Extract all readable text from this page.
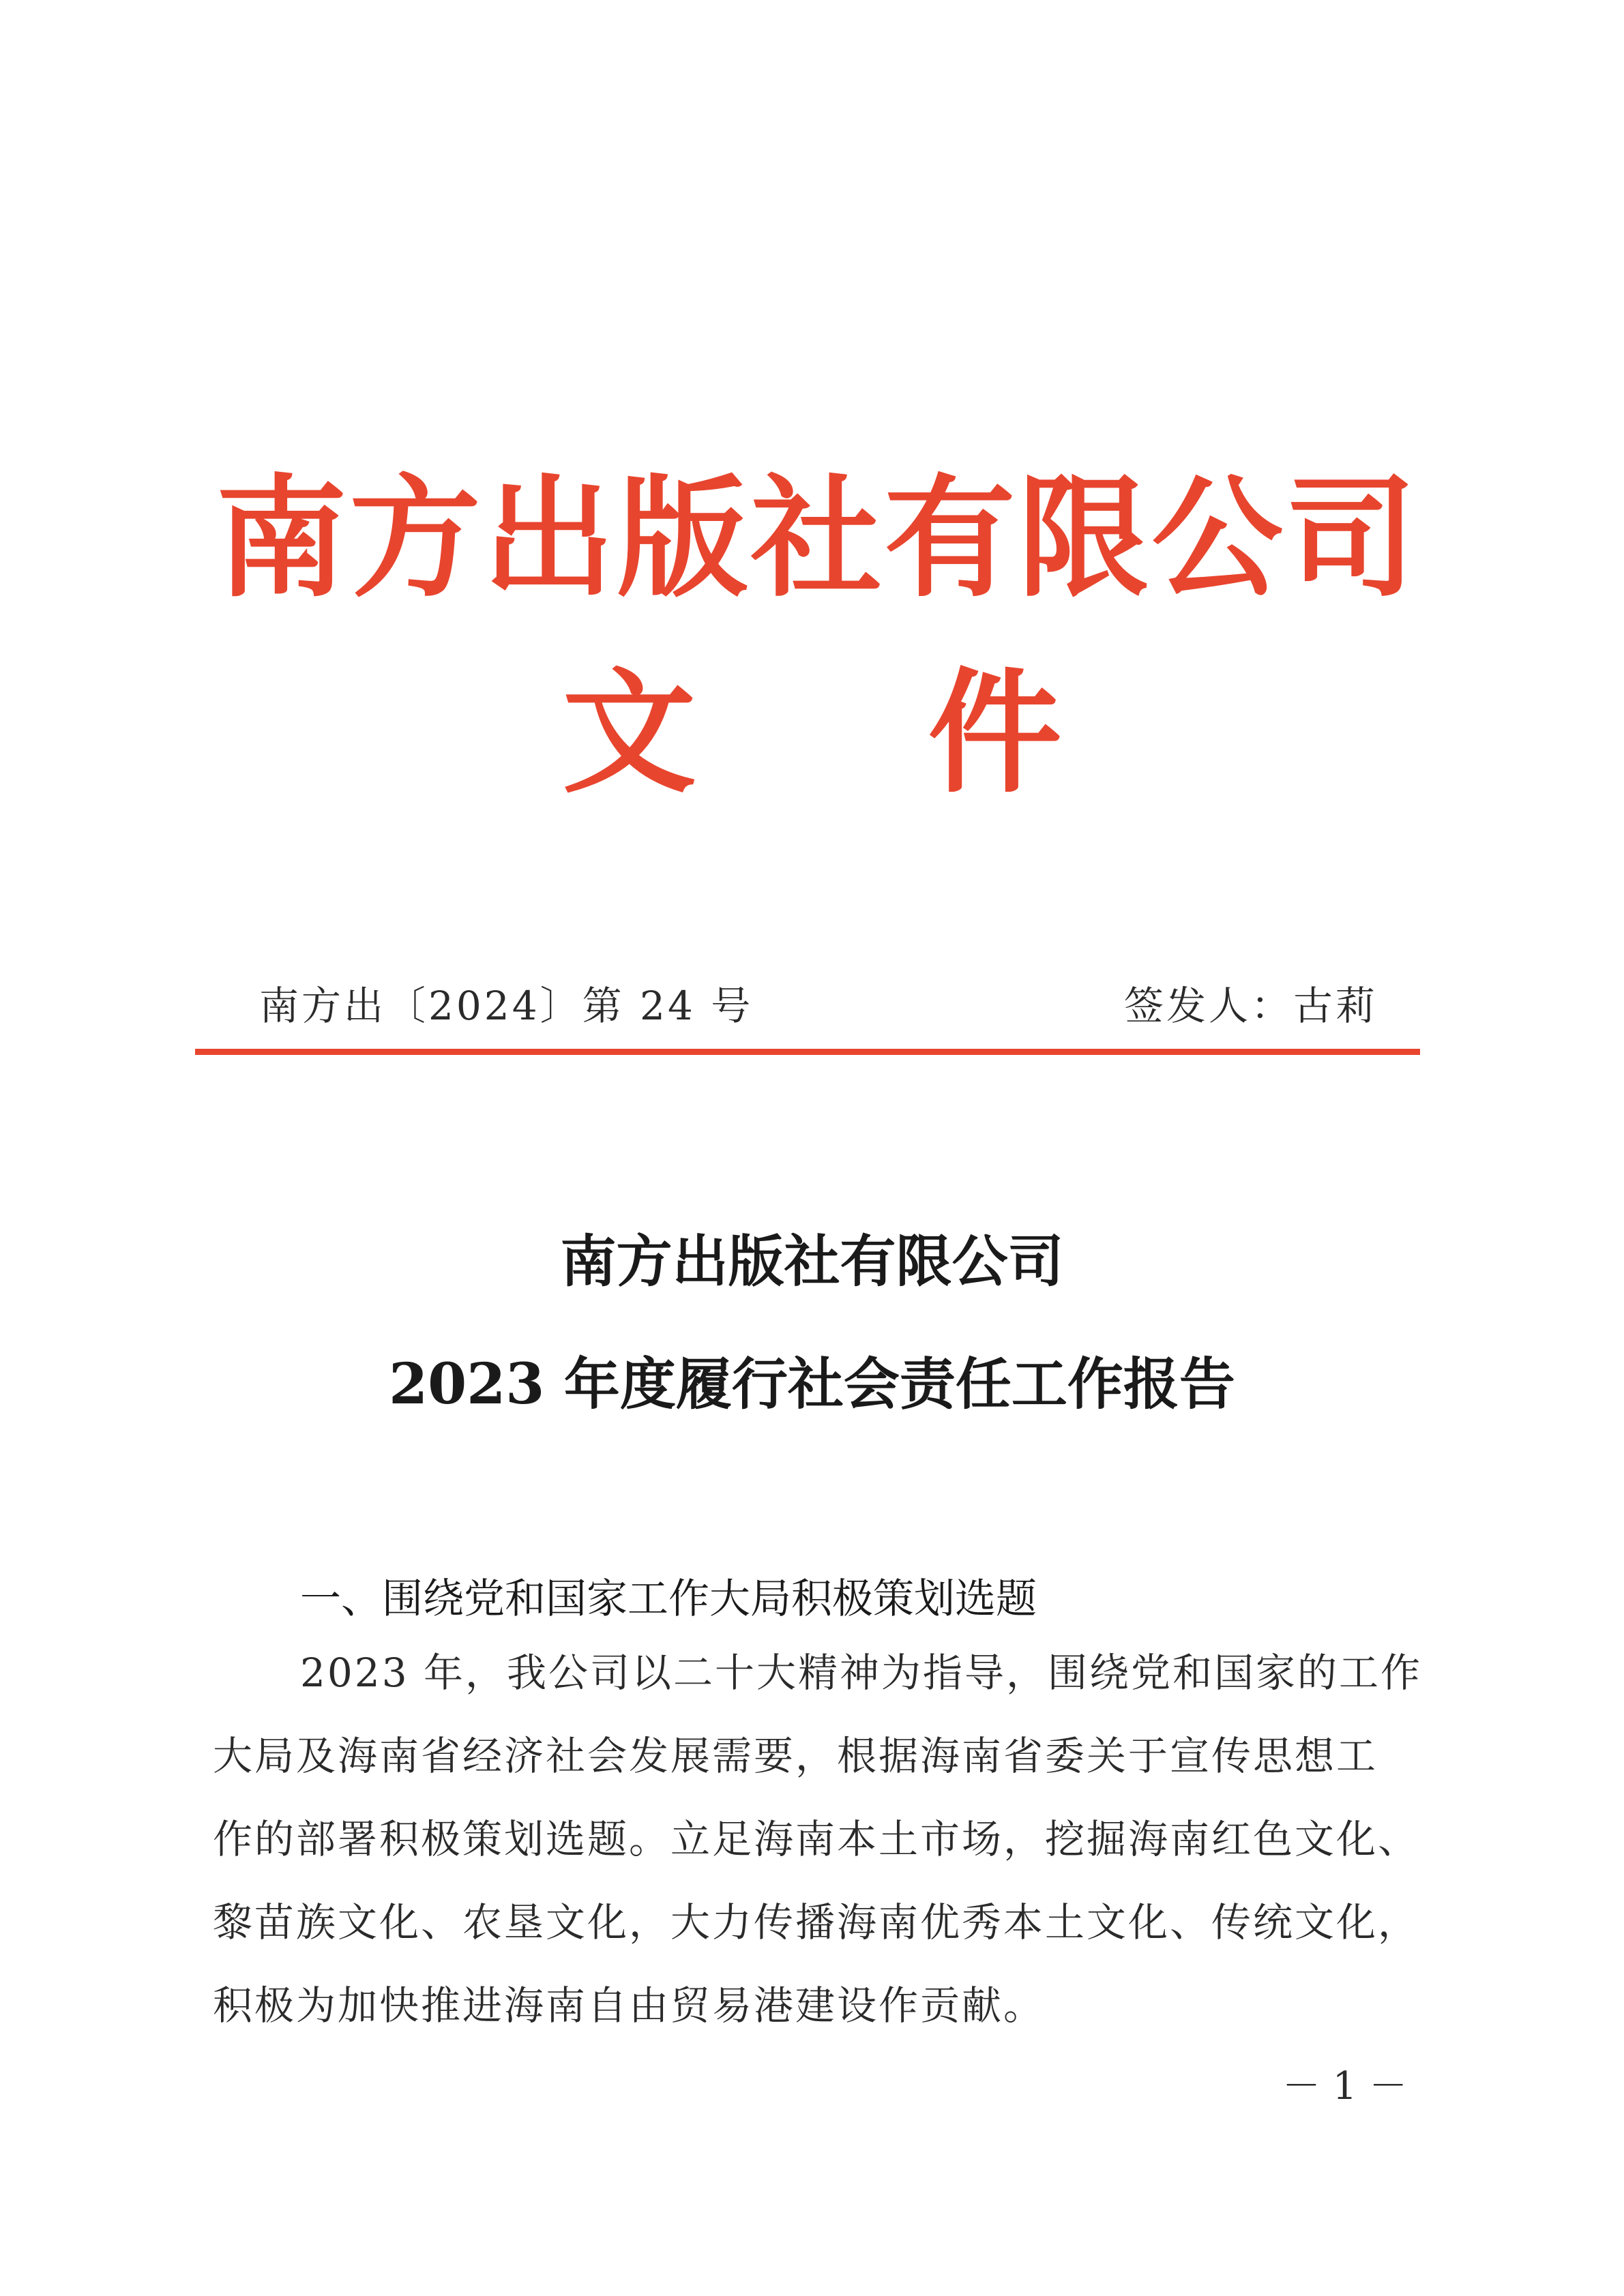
南方出版社有限公司
文 件
南方出〔2024〕第 24 号	签发人：古莉
南方出版社有限公司
2023 年度履行社会责任工作报告
一、围绕党和国家工作大局积极策划选题
2023 年，我公司以二十大精神为指导，围绕党和国家的工作
大局及海南省经济社会发展需要，根据海南省委关于宣传思想工
作的部署积极策划选题。立足海南本土市场，挖掘海南红色文化、
黎苗族文化、农垦文化，大力传播海南优秀本土文化、传统文化，
积极为加快推进海南自由贸易港建设作贡献。
－ 1 －
